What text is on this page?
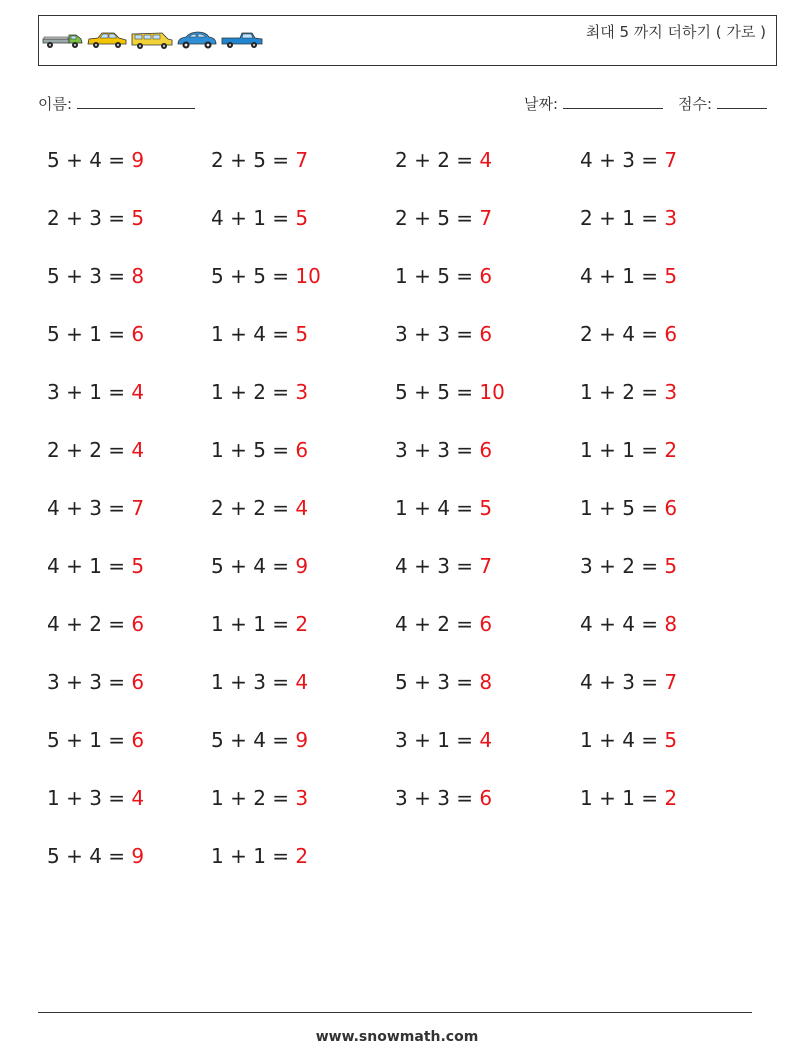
최대 5 까지 더하기 ( 가로 )
이름:	날짜:	점수:
5 + 4 = 9	2 + 5 = 7	2 + 2 = 4	4 + 3 = 7
2 + 3 = 5	4 + 1 = 5	2 + 5 = 7	2 + 1 = 3
5 + 3 = 8	5 + 5 = 10	1 + 5 = 6	4 + 1 = 5
5 + 1 = 6	1 + 4 = 5	3 + 3 = 6	2 + 4 = 6
3 + 1 = 4	1 + 2 = 3	5 + 5 = 10	1 + 2 = 3
2 + 2 = 4	1 + 5 = 6	3 + 3 = 6	1 + 1 = 2
4 + 3 = 7	2 + 2 = 4	1 + 4 = 5	1 + 5 = 6
4 + 1 = 5	5 + 4 = 9	4 + 3 = 7	3 + 2 = 5
4 + 2 = 6	1 + 1 = 2	4 + 2 = 6	4 + 4 = 8
3 + 3 = 6	1 + 3 = 4	5 + 3 = 8	4 + 3 = 7
5 + 1 = 6	5 + 4 = 9	3 + 1 = 4	1 + 4 = 5
1 + 3 = 4	1 + 2 = 3	3 + 3 = 6	1 + 1 = 2
5 + 4 = 9	1 + 1 = 2
www.snowmath.com
